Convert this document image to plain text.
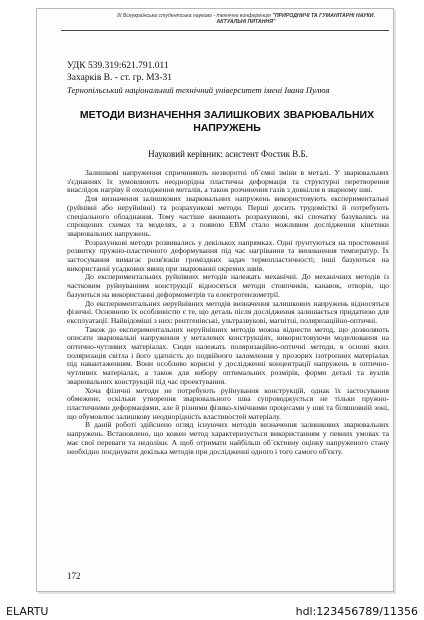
III Всеукраїнська студентська науково - технічна конференція "ПРИРОДНИЧІ ТА ГУМАНІТАРНІ НАУКИ.
АКТУАЛЬНІ ПИТАННЯ"
УДК 539.319:621.791.011
Захарків В. - ст. гр. МЗ-31
Тернопільський національний технічний університет імені Івана Пулюя
МЕТОДИ ВИЗНАЧЕННЯ ЗАЛИШКОВИХ ЗВАРЮВАЛЬНИХ НАПРУЖЕНЬ
Науковий керівник: асистент Фостик В.Б.

Залишкові напруження спричиняють незворотні об`ємні зміни в металі. У зварювальних з'єднаннях їх зумовлюють неоднорідна пластична деформація та структурні перетворення внаслідок нагріву й охолодження металів, а також розчинення газів з довкілля в зварному шві.

Для визначення залишкових зварювальних напружень використовують експериментальні (руйнівні або неруйнівні) та розрахункові методи. Перші досить трудомісткі й потребують спеціального обладнання. Тому частіше вживають розрахункові, які спочатку базувались на спрощених схемах та моделях, а з появою ЕВМ стало можливим дослідження кінетики зварювальних напружень.

Розрахункові методи розвивались у декількох напрямках. Одні ґрунтуються на простеженні розвитку пружно-пластичного деформування під час нагрівання та виникнення температур. Їх застосування вимагає розв'язків громіздких задач термопластичності; інші базуються на використанні усадкових явищ при зварюванні окремих швів.

До експериментальних руйнівних методів належать механічні. До механічних методів із частковим руйнуванням конструкції відносяться методи стовпчиків, канавок, отворів, що базуються на використанні деформометрів та електротензометрії.

До експериментальних неруйнівних методів визначення залишкових напружень відносяться фізичні. Основною їх особливістю є те, що деталь після дослідження залишається придатною для експлуатації. Найвідоміші з них: рентгенівські, ультразвукові, магнітні, поляризаційно-оптичні.

Також до експериментальних неруйнівних методів можна віднести метод, що дозволяють описати зварювальні напруження у металевих конструкціях, використовуючи моделювання на оптично-чутливих матеріалах. Сюди належать поляризаційно-оптичні методи, в основі яких поляризація світла і його здатність до подвійного заломлення у прозорих ізотропних матеріалах під навантаженням. Вони особливо корисні у дослідженні концентрації напружень в оптично-чутливих матеріалах, а також для вибору оптимальних розмірів, форми деталі та вузлів зварювальних конструкцій під час проектування.

Хоча фізичні методи не потребують руйнування конструкцій, однак їх застосування обмежене, оскільки утворення зварювального шва супроводжується не тільки пружно-пластичними деформаціями, але й різними фізико-хімічними процесами у шві та біляшовній зоні, що обумовлює залишкову неоднорідність властивостей матеріалу.

В даній роботі здійснено огляд існуючих методів визначення залишкових зварювальних напружень. Встановлено, що кожен метод характеризується використанням у певних умовах та має свої переваги та недоліки. А щоб отримати найбільш об`єктивну оцінку напруженого стану необхідно поєднувати декілька методів при дослідженні одного і того самого об'єкту.

172
ELARTU	hdl:123456789/11356
